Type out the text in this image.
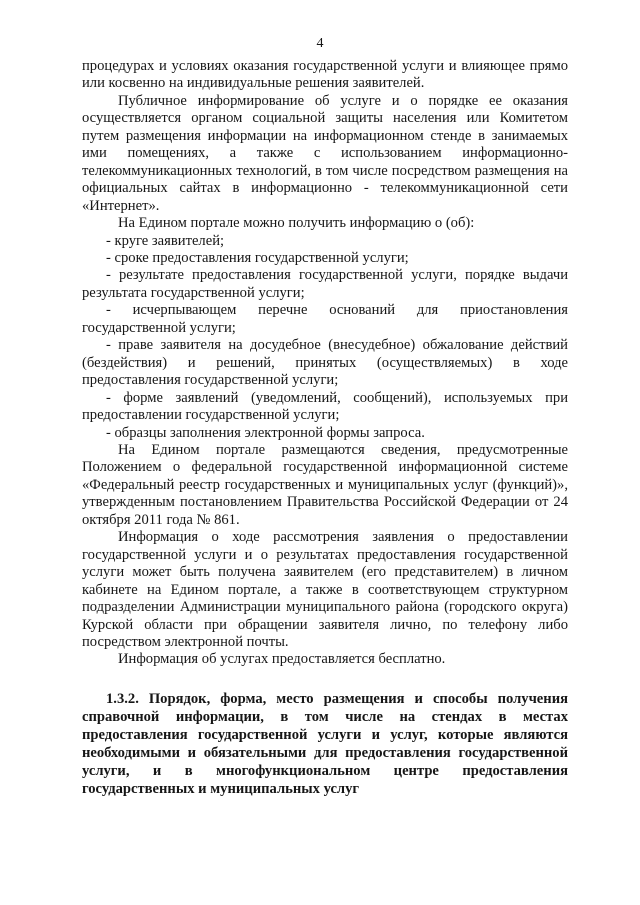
4

процедурах и условиях оказания государственной услуги и влияющее прямо или косвенно на индивидуальные решения заявителей.

Публичное информирование об услуге и о порядке ее оказания осуществляется органом социальной защиты населения или Комитетом путем размещения информации на информационном стенде в занимаемых ими помещениях, а также с использованием информационно-телекоммуникационных технологий, в том числе посредством размещения на официальных сайтах в информационно - телекоммуникационной сети «Интернет».

На Едином портале можно получить информацию о (об):

- круге заявителей;

- сроке предоставления государственной услуги;

- результате предоставления государственной услуги, порядке выдачи результата государственной услуги;

- исчерпывающем перечне оснований для приостановления государственной услуги;

- праве заявителя на досудебное (внесудебное) обжалование действий (бездействия) и решений, принятых (осуществляемых) в ходе предоставления государственной услуги;

- форме заявлений (уведомлений, сообщений), используемых при предоставлении государственной услуги;

- образцы заполнения электронной формы запроса.

На Едином портале размещаются сведения, предусмотренные Положением о федеральной государственной информационной системе «Федеральный реестр государственных и муниципальных услуг (функций)», утвержденным постановлением Правительства Российской Федерации от 24 октября 2011 года № 861.

Информация о ходе рассмотрения заявления о предоставлении государственной услуги и о результатах предоставления государственной услуги может быть получена заявителем (его представителем) в личном кабинете на Едином портале, а также в соответствующем структурном подразделении Администрации муниципального района (городского округа) Курской области при обращении заявителя лично, по телефону либо посредством электронной почты.

Информация об услугах предоставляется бесплатно.

1.3.2. Порядок, форма, место размещения и способы получения справочной информации, в том числе на стендах в местах предоставления государственной услуги и услуг, которые являются необходимыми и обязательными для предоставления государственной услуги, и в многофункциональном центре предоставления государственных и муниципальных услуг
